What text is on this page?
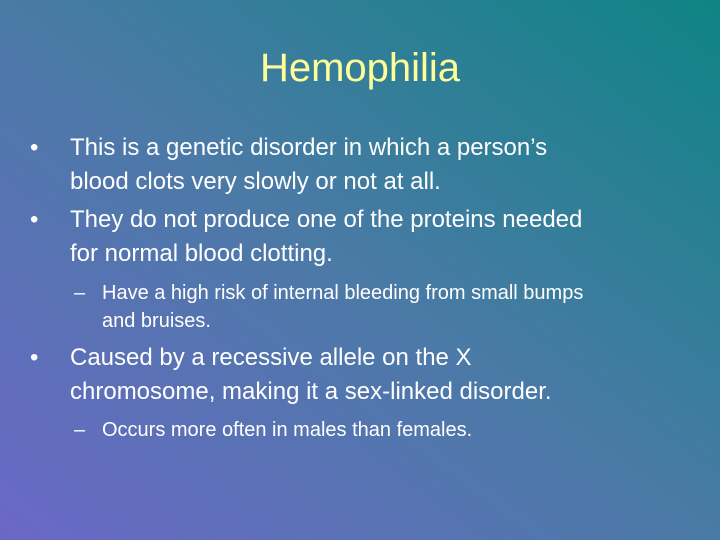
Hemophilia
• This is a genetic disorder in which a person’s
blood clots very slowly or not at all.
• They do not produce one of the proteins needed
for normal blood clotting.
– Have a high risk of internal bleeding from small bumps
and bruises.
• Caused by a recessive allele on the X
chromosome, making it a sex-linked disorder.
– Occurs more often in males than females.
